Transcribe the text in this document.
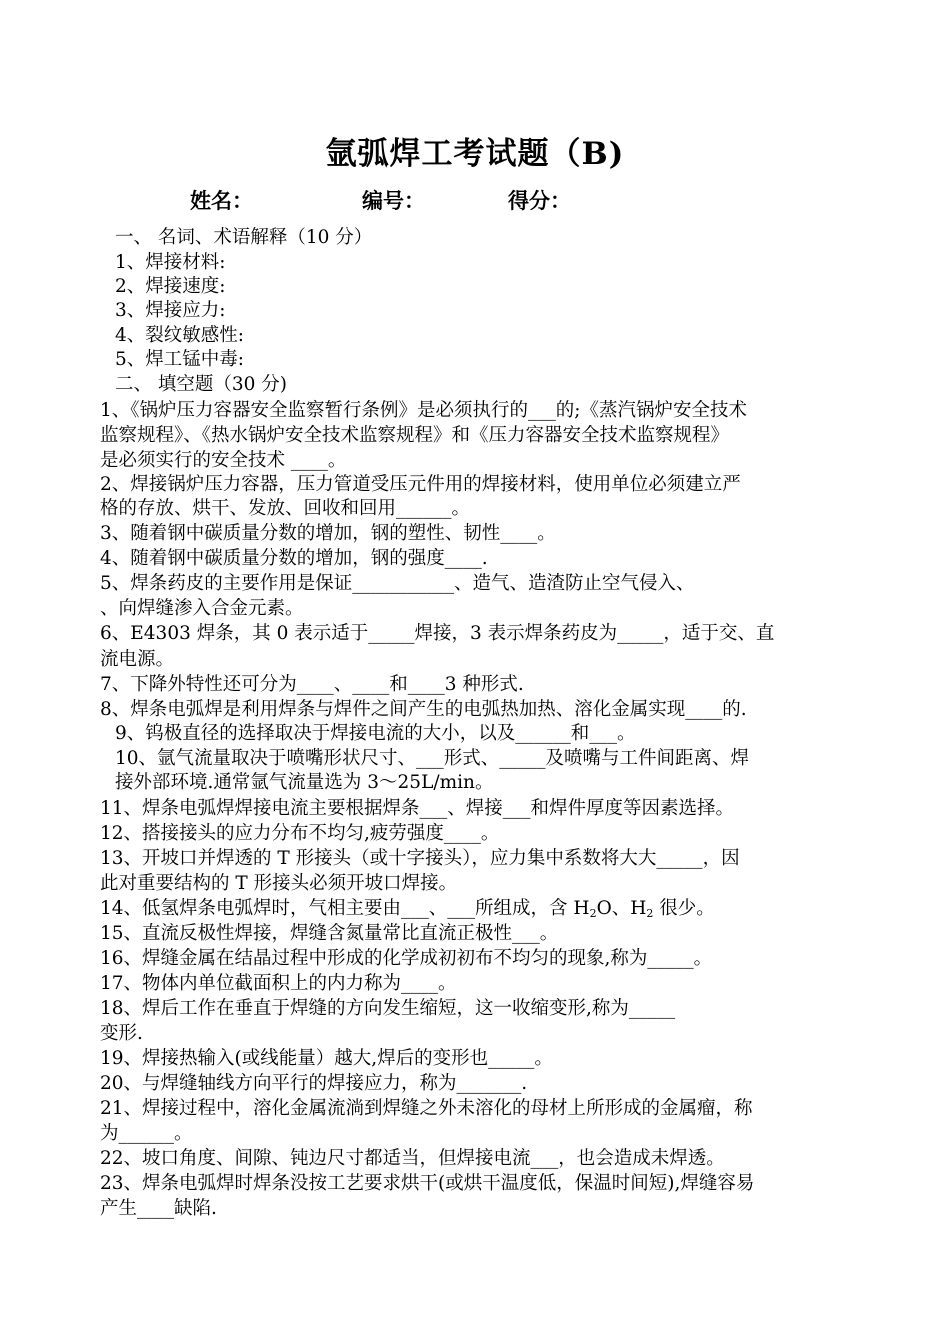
氩弧焊工考试题（B)
姓名：	编号：	得分：
一、 名词、术语解释（10 分）
1、焊接材料:
2、焊接速度:
3、焊接应力:
4、裂纹敏感性:
5、焊工锰中毒:
二、 填空题（30 分)
1、《锅炉压力容器安全监察暂行条例》是必须执行的___的;《蒸汽锅炉安全技术
监察规程》、《热水锅炉安全技术监察规程》和《压力容器安全技术监察规程》
是必须实行的安全技术 ____。
2、焊接锅炉压力容器，压力管道受压元件用的焊接材料，使用单位必须建立严
格的存放、烘干、发放、回收和回用______。
3、随着钢中碳质量分数的增加，钢的塑性、韧性____。
4、随着钢中碳质量分数的增加，钢的强度____.
5、焊条药皮的主要作用是保证___________、造气、造渣防止空气侵入、
、向焊缝渗入合金元素。
6、E4303 焊条，其 0 表示适于_____焊接，3 表示焊条药皮为_____，适于交、直
流电源。
7、下降外特性还可分为____、____和____3 种形式.
8、焊条电弧焊是利用焊条与焊件之间产生的电弧热加热、溶化金属实现____的.
9、钨极直径的选择取决于焊接电流的大小，以及______和___。
10、氩气流量取决于喷嘴形状尺寸、___形式、_____及喷嘴与工件间距离、焊
接外部环境.通常氩气流量选为 3～25L/min。
11、焊条电弧焊焊接电流主要根据焊条___、焊接___和焊件厚度等因素选择。
12、搭接接头的应力分布不均匀,疲劳强度____。
13、开坡口并焊透的 T 形接头（或十字接头），应力集中系数将大大_____，因
此对重要结构的 T 形接头必须开坡口焊接。
14、低氢焊条电弧焊时，气相主要由___、___所组成，含 $H_2O$、$H_2$ 很少。
15、直流反极性焊接，焊缝含氮量常比直流正极性___。
16、焊缝金属在结晶过程中形成的化学成初初布不均匀的现象,称为_____。
17、物体内单位截面积上的内力称为____。
18、焊后工作在垂直于焊缝的方向发生缩短，这一收缩变形,称为_____
变形.
19、焊接热输入(或线能量）越大,焊后的变形也_____。
20、与焊缝轴线方向平行的焊接应力，称为_______.
21、焊接过程中，溶化金属流淌到焊缝之外未溶化的母材上所形成的金属瘤，称
为______。
22、坡口角度、间隙、钝边尺寸都适当，但焊接电流___，也会造成未焊透。
23、焊条电弧焊时焊条没按工艺要求烘干(或烘干温度低，保温时间短),焊缝容易
产生____缺陷.
